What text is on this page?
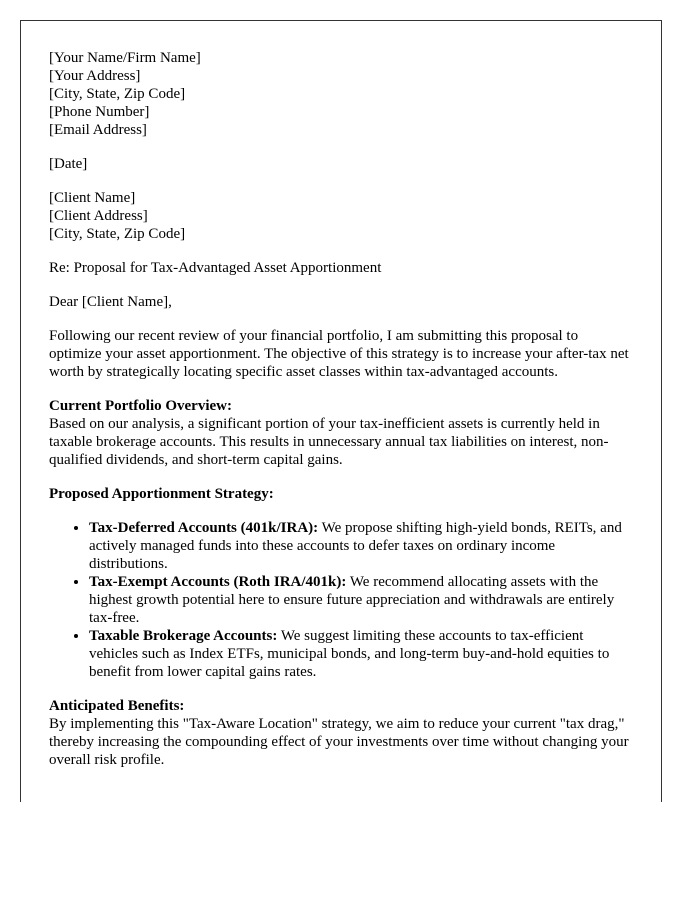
[Your Name/Firm Name]
[Your Address]
[City, State, Zip Code]
[Phone Number]
[Email Address]

[Date]

[Client Name]
[Client Address]
[City, State, Zip Code]

Re: Proposal for Tax-Advantaged Asset Apportionment

Dear [Client Name],

Following our recent review of your financial portfolio, I am submitting this proposal to optimize your asset apportionment. The objective of this strategy is to increase your after-tax net worth by strategically locating specific asset classes within tax-advantaged accounts.

Current Portfolio Overview:
Based on our analysis, a significant portion of your tax-inefficient assets is currently held in taxable brokerage accounts. This results in unnecessary annual tax liabilities on interest, non-qualified dividends, and short-term capital gains.

Proposed Apportionment Strategy:

• Tax-Deferred Accounts (401k/IRA): We propose shifting high-yield bonds, REITs, and actively managed funds into these accounts to defer taxes on ordinary income distributions.
• Tax-Exempt Accounts (Roth IRA/401k): We recommend allocating assets with the highest growth potential here to ensure future appreciation and withdrawals are entirely tax-free.
• Taxable Brokerage Accounts: We suggest limiting these accounts to tax-efficient vehicles such as Index ETFs, municipal bonds, and long-term buy-and-hold equities to benefit from lower capital gains rates.

Anticipated Benefits:
By implementing this "Tax-Aware Location" strategy, we aim to reduce your current "tax drag," thereby increasing the compounding effect of your investments over time without changing your overall risk profile.
